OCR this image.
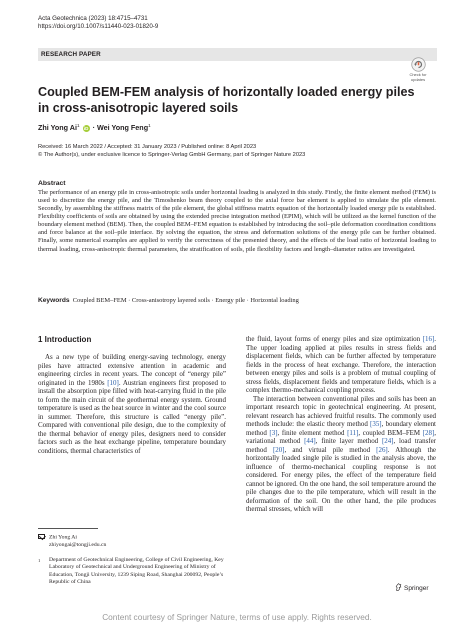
Acta Geotechnica (2023) 18:4715–4731
https://doi.org/10.1007/s11440-023-01820-9
RESEARCH PAPER
Check for
updates
Coupled BEM-FEM analysis of horizontally loaded energy piles in cross-anisotropic layered soils
Zhi Yong Ai$^1$ iD · Wei Yong Feng$^1$
Received: 16 March 2022 / Accepted: 31 January 2023 / Published online: 8 April 2023
© The Author(s), under exclusive licence to Springer-Verlag GmbH Germany, part of Springer Nature 2023
Abstract

The performance of an energy pile in cross-anisotropic soils under horizontal loading is analyzed in this study. Firstly, the finite element method (FEM) is used to discretize the energy pile, and the Timoshenko beam theory coupled to the axial force bar element is applied to simulate the pile element. Secondly, by assembling the stiffness matrix of the pile element, the global stiffness matrix equation of the horizontally loaded energy pile is established. Flexibility coefficients of soils are obtained by using the extended precise integration method (EPIM), which will be utilized as the kernel function of the boundary element method (BEM). Then, the coupled BEM–FEM equation is established by introducing the soil–pile deformation coordination conditions and force balance at the soil–pile interface. By solving the equation, the stress and deformation solutions of the energy pile can be further obtained. Finally, some numerical examples are applied to verify the correctness of the presented theory, and the effects of the load ratio of horizontal loading to thermal loading, cross-anisotropic thermal parameters, the stratification of soils, pile flexibility factors and length–diameter ratios are investigated.

Keywords Coupled BEM–FEM · Cross-anisotropy layered soils · Energy pile · Horizontal loading
1 Introduction

As a new type of building energy-saving technology, energy piles have attracted extensive attention in academic and engineering circles in recent years. The concept of “energy pile” originated in the 1980s [10]. Austrian engineers first proposed to install the absorption pipe filled with heat-carrying fluid in the pile to form the main circuit of the geothermal energy system. Ground temperature is used as the heat source in winter and the cool source in summer. Therefore, this structure is called “energy pile”. Compared with conventional pile design, due to the complexity of the thermal behavior of energy piles, designers need to consider factors such as the heat exchange pipeline, temperature boundary conditions, thermal characteristics of

the fluid, layout forms of energy piles and size optimization [16]. The upper loading applied at piles results in stress fields and displacement fields, which can be further affected by temperature fields in the process of heat exchange. Therefore, the interaction between energy piles and soils is a problem of mutual coupling of stress fields, displacement fields and temperature fields, which is a complex thermo-mechanical coupling process.

The interaction between conventional piles and soils has been an important research topic in geotechnical engineering. At present, relevant research has achieved fruitful results. The commonly used methods include: the elastic theory method [35], boundary element method [3], finite element method [11], coupled BEM–FEM [28], variational method [44], finite layer method [24], load transfer method [20], and virtual pile method [26]. Although the horizontally loaded single pile is studied in the analysis above, the influence of thermo-mechanical coupling response is not considered. For energy piles, the effect of the temperature field cannot be ignored. On the one hand, the soil temperature around the pile changes due to the pile temperature, which will result in the deformation of the soil. On the other hand, the pile produces thermal stresses, which will

Zhi Yong Ai
zhiyongai@tongji.edu.cn
1 Department of Geotechnical Engineering, College of Civil Engineering, Key Laboratory of Geotechnical and Underground Engineering of Ministry of Education, Tongji University, 1239 Siping Road, Shanghai 200092, People’s Republic of China
Springer
Content courtesy of Springer Nature, terms of use apply. Rights reserved.
